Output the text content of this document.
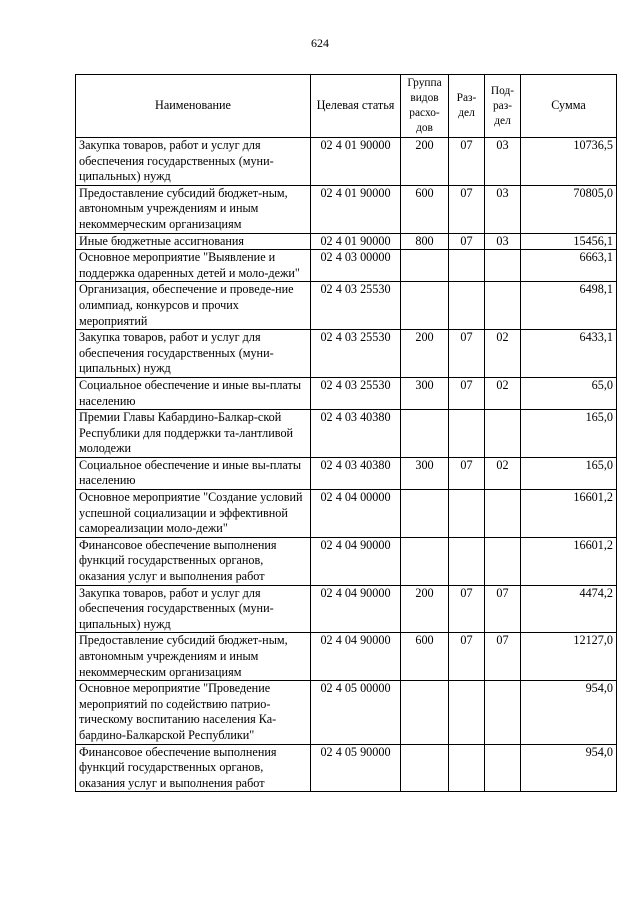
624
Наименование	Целевая статья	Группа видов расхо-дов	Раз-дел	Под-раз-дел	Сумма
Закупка товаров, работ и услуг для обеспечения государственных (муни-ципальных) нужд	02 4 01 90000	200	07	03	10736,5
Предоставление субсидий бюджет-ным, автономным учреждениям и иным некоммерческим организациям	02 4 01 90000	600	07	03	70805,0
Иные бюджетные ассигнования	02 4 01 90000	800	07	03	15456,1
Основное мероприятие "Выявление и поддержка одаренных детей и моло-дежи"	02 4 03 00000				6663,1
Организация, обеспечение и проведе-ние олимпиад, конкурсов и прочих мероприятий	02 4 03 25530				6498,1
Закупка товаров, работ и услуг для обеспечения государственных (муни-ципальных) нужд	02 4 03 25530	200	07	02	6433,1
Социальное обеспечение и иные вы-платы населению	02 4 03 25530	300	07	02	65,0
Премии Главы Кабардино-Балкар-ской Республики для поддержки та-лантливой молодежи	02 4 03 40380				165,0
Социальное обеспечение и иные вы-платы населению	02 4 03 40380	300	07	02	165,0
Основное мероприятие "Создание условий успешной социализации и эффективной самореализации моло-дежи"	02 4 04 00000				16601,2
Финансовое обеспечение выполнения функций государственных органов, оказания услуг и выполнения работ	02 4 04 90000				16601,2
Закупка товаров, работ и услуг для обеспечения государственных (муни-ципальных) нужд	02 4 04 90000	200	07	07	4474,2
Предоставление субсидий бюджет-ным, автономным учреждениям и иным некоммерческим организациям	02 4 04 90000	600	07	07	12127,0
Основное мероприятие "Проведение мероприятий по содействию патрио-тическому воспитанию населения Ка-бардино-Балкарской Республики"	02 4 05 00000				954,0
Финансовое обеспечение выполнения функций государственных органов, оказания услуг и выполнения работ	02 4 05 90000				954,0
